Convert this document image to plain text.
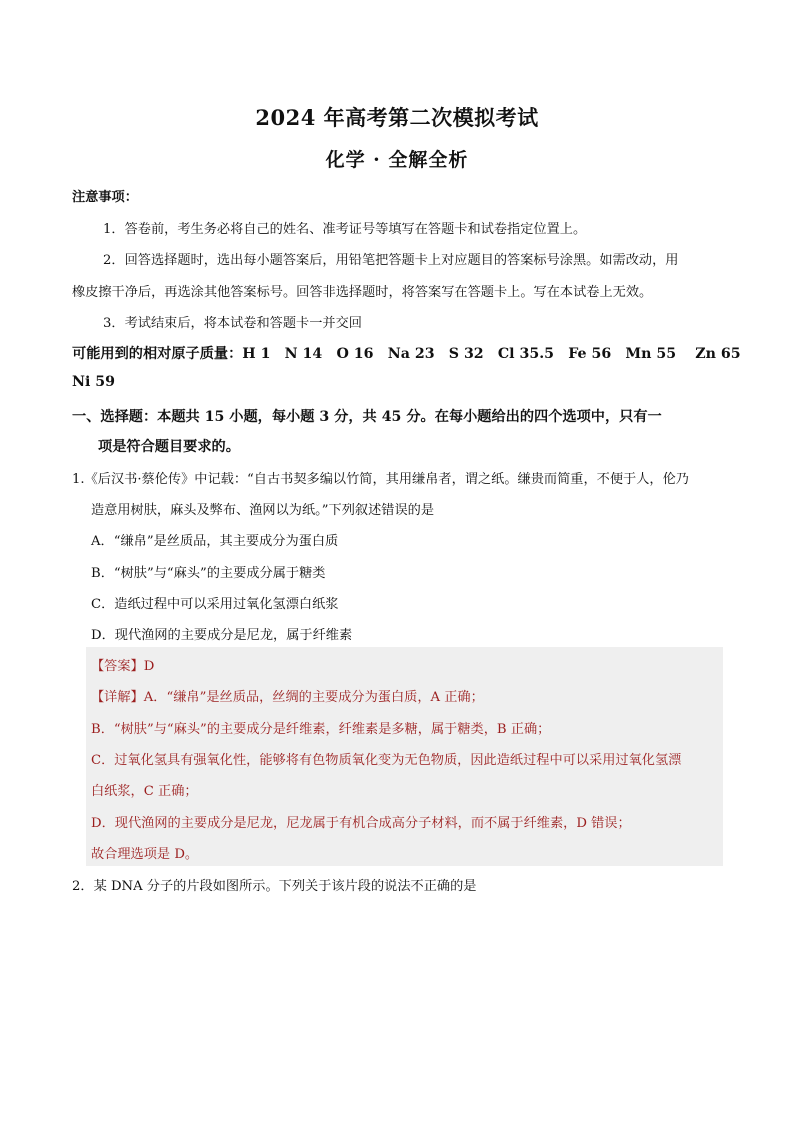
2024 年高考第二次模拟考试
化学 · 全解全析
注意事项：
1．答卷前，考生务必将自己的姓名、准考证号等填写在答题卡和试卷指定位置上。
2．回答选择题时，选出每小题答案后，用铅笔把答题卡上对应题目的答案标号涂黑。如需改动，用
橡皮擦干净后，再选涂其他答案标号。回答非选择题时，将答案写在答题卡上。写在本试卷上无效。
3．考试结束后，将本试卷和答题卡一并交回
可能用到的相对原子质量：H 1　N 14　O 16　Na 23　S 32　Cl 35.5　Fe 56　Mn 55　 Zn 65
Ni 59
一、选择题：本题共 15 小题，每小题 3 分，共 45 分。在每小题给出的四个选项中，只有一
项是符合题目要求的。
1.《后汉书·蔡伦传》中记载：“自古书契多编以竹简，其用缣帛者，谓之纸。缣贵而简重，不便于人，伦乃
造意用树肤，麻头及弊布、渔网以为纸。”下列叙述错误的是
A．“缣帛”是丝质品，其主要成分为蛋白质
B．“树肤”与“麻头”的主要成分属于糖类
C．造纸过程中可以采用过氧化氢漂白纸浆
D．现代渔网的主要成分是尼龙，属于纤维素
【答案】D
【详解】A．“缣帛”是丝质品，丝绸的主要成分为蛋白质，A 正确；
B．“树肤”与“麻头”的主要成分是纤维素，纤维素是多糖，属于糖类，B 正确；
C．过氧化氢具有强氧化性，能够将有色物质氧化变为无色物质，因此造纸过程中可以采用过氧化氢漂
白纸浆，C 正确；
D．现代渔网的主要成分是尼龙，尼龙属于有机合成高分子材料，而不属于纤维素，D 错误；
故合理选项是 D。
2．某 DNA 分子的片段如图所示。下列关于该片段的说法不正确的是
